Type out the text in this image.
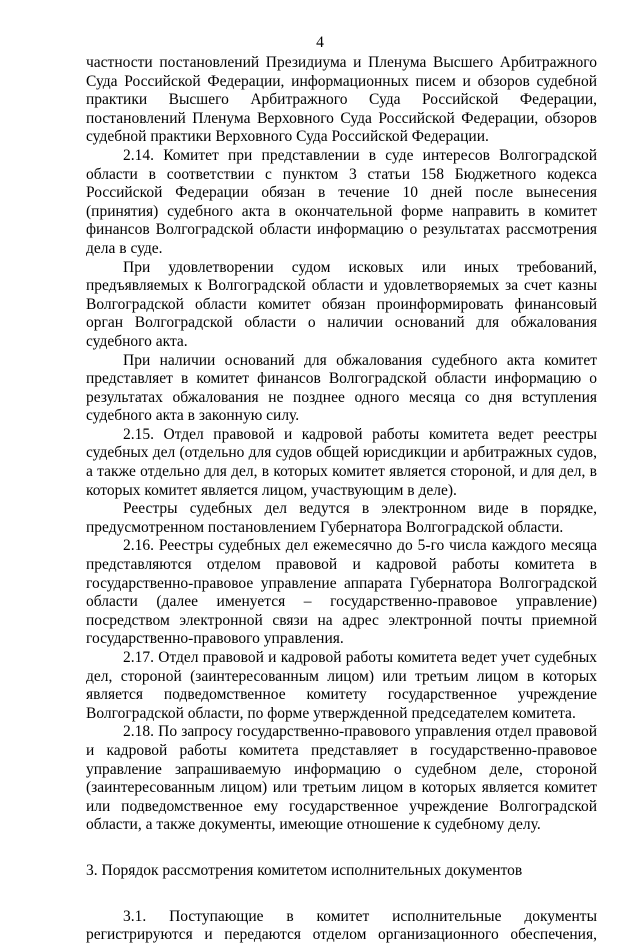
4

частности постановлений Президиума и Пленума Высшего Арбитражного Суда Российской Федерации, информационных писем и обзоров судебной практики Высшего Арбитражного Суда Российской Федерации, постановлений Пленума Верховного Суда Российской Федерации, обзоров судебной практики Верховного Суда Российской Федерации.

2.14. Комитет при представлении в суде интересов Волгоградской области в соответствии с пунктом 3 статьи 158 Бюджетного кодекса Российской Федерации обязан в течение 10 дней после вынесения (принятия) судебного акта в окончательной форме направить в комитет финансов Волгоградской области информацию о результатах рассмотрения дела в суде.

При удовлетворении судом исковых или иных требований, предъявляемых к Волгоградской области и удовлетворяемых за счет казны Волгоградской области комитет обязан проинформировать финансовый орган Волгоградской области о наличии оснований для обжалования судебного акта.

При наличии оснований для обжалования судебного акта комитет представляет в комитет финансов Волгоградской области информацию о результатах обжалования не позднее одного месяца со дня вступления судебного акта в законную силу.

2.15. Отдел правовой и кадровой работы комитета ведет реестры судебных дел (отдельно для судов общей юрисдикции и арбитражных судов, а также отдельно для дел, в которых комитет является стороной, и для дел, в которых комитет является лицом, участвующим в деле).

Реестры судебных дел ведутся в электронном виде в порядке, предусмотренном постановлением Губернатора Волгоградской области.

2.16. Реестры судебных дел ежемесячно до 5-го числа каждого месяца представляются отделом правовой и кадровой работы комитета в государственно-правовое управление аппарата Губернатора Волгоградской области (далее именуется – государственно-правовое управление) посредством электронной связи на адрес электронной почты приемной государственно-правового управления.

2.17. Отдел правовой и кадровой работы комитета ведет учет судебных дел, стороной (заинтересованным лицом) или третьим лицом в которых является подведомственное комитету государственное учреждение Волгоградской области, по форме утвержденной председателем комитета.

2.18. По запросу государственно-правового управления отдел правовой и кадровой работы комитета представляет в государственно-правовое управление запрашиваемую информацию о судебном деле, стороной (заинтересованным лицом) или третьим лицом в которых является комитет или подведомственное ему государственное учреждение Волгоградской области, а также документы, имеющие отношение к судебному делу.

3. Порядок рассмотрения комитетом исполнительных документов

3.1. Поступающие в комитет исполнительные документы регистрируются и передаются отделом организационного обеспечения,
